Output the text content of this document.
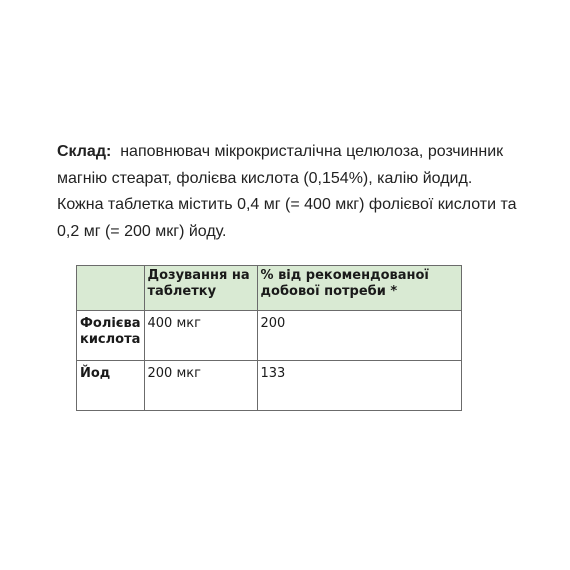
Склад: наповнювач мікрокристалічна целюлоза, розчинник магнію стеарат, фолієва кислота (0,154%), калію йодид. Кожна таблетка містить 0,4 мг (= 400 мкг) фолієвої кислоти та 0,2 мг (= 200 мкг) йоду.
	Дозування на таблетку	% від рекомендованої добової потреби *
Фолієва кислота	400 мкг	200
Йод	200 мкг	133
